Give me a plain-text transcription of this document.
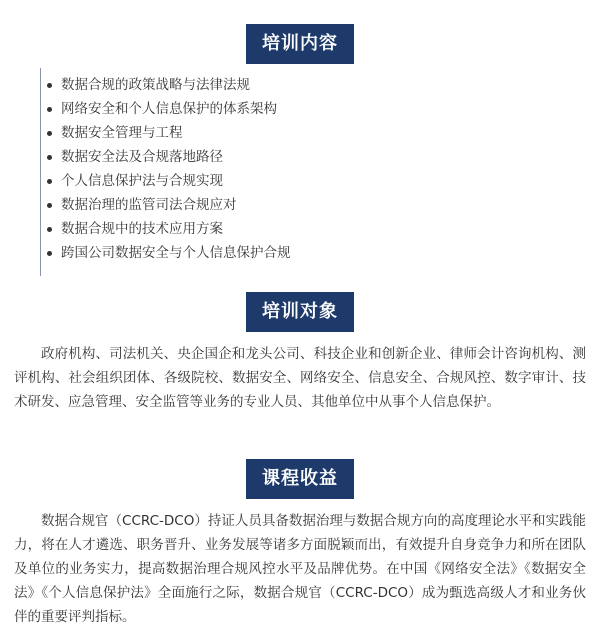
培训内容
数据合规的政策战略与法律法规
网络安全和个人信息保护的体系架构
数据安全管理与工程
数据安全法及合规落地路径
个人信息保护法与合规实现
数据治理的监管司法合规应对
数据合规中的技术应用方案
跨国公司数据安全与个人信息保护合规
培训对象

政府机构、司法机关、央企国企和龙头公司、科技企业和创新企业、律师会计咨询机构、测评机构、社会组织团体、各级院校、数据安全、网络安全、信息安全、合规风控、数字审计、技术研发、应急管理、安全监管等业务的专业人员、其他单位中从事个人信息保护。

课程收益

数据合规官（CCRC-DCO）持证人员具备数据治理与数据合规方向的高度理论水平和实践能力，将在人才遴选、职务晋升、业务发展等诸多方面脱颖而出，有效提升自身竞争力和所在团队及单位的业务实力，提高数据治理合规风控水平及品牌优势。在中国《网络安全法》《数据安全法》《个人信息保护法》全面施行之际，数据合规官（CCRC-DCO）成为甄选高级人才和业务伙伴的重要评判指标。
